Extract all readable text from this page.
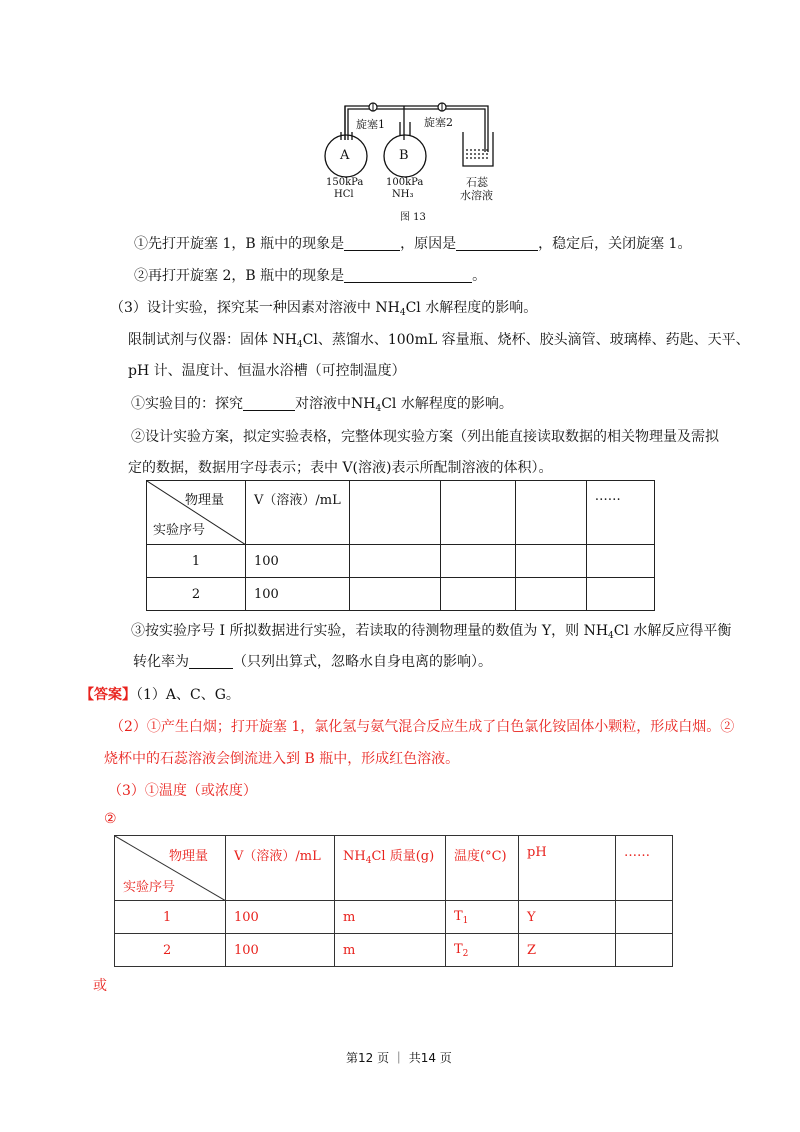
旋塞1	旋塞2
A	B
150kPa
HCl
100kPa
NH₃
石蕊
水溶液
图 13
①先打开旋塞 1，B 瓶中的现象是	，原因是	，稳定后，关闭旋塞 1。
②再打开旋塞 2，B 瓶中的现象是	。
（3）设计实验，探究某一种因素对溶液中 $NH_4Cl$ 水解程度的影响。
限制试剂与仪器：固体 $NH_4Cl$、蒸馏水、100mL 容量瓶、烧杯、胶头滴管、玻璃棒、药匙、天平、
pH 计、温度计、恒温水浴槽（可控制温度）
①实验目的：探究	对溶液中$NH_4Cl$ 水解程度的影响。
②设计实验方案，拟定实验表格，完整体现实验方案（列出能直接读取数据的相关物理量及需拟
定的数据，数据用字母表示；表中 V(溶液)表示所配制溶液的体积）。
物理量
实验序号	V（溶液）/mL				……
1	100				
2	100				
③按实验序号 I 所拟数据进行实验，若读取的待测物理量的数值为 Y，则 $NH_4Cl$ 水解反应得平衡
转化率为	（只列出算式，忽略水自身电离的影响）。
【答案】（1）A、C、G。
（2）①产生白烟；打开旋塞 1，氯化氢与氨气混合反应生成了白色氯化铵固体小颗粒，形成白烟。②
烧杯中的石蕊溶液会倒流进入到 B 瓶中，形成红色溶液。
（3）①温度（或浓度）
②
物理量
实验序号	V（溶液）/mL	$NH_4Cl$ 质量(g)	温度(°C)	pH	……
1	100	m	$T_1$	Y	
2	100	m	$T_2$	Z	
或
第12 页 ｜ 共14 页
